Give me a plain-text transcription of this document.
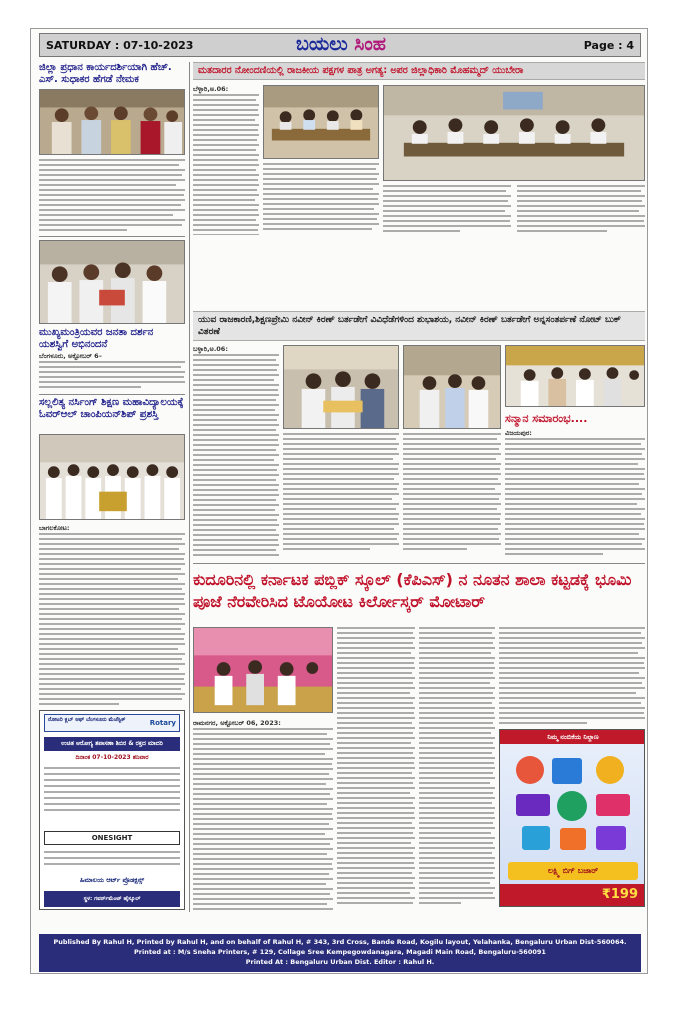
SATURDAY : 07-10-2023	ಬಯಲು ಸಿಂಹ	Page : 4
ಜಿಲ್ಲಾ ಪ್ರಧಾನ ಕಾರ್ಯದರ್ಶಿಯಾಗಿ ಹೆಚ್. ಎಸ್. ಸುಧಾಕರ ಹೆಗಡೆ ನೇಮಕ
ಮುಖ್ಯಮಂತ್ರಿಯವರ ಜನತಾ ದರ್ಶನ ಯಶಸ್ವಿಗೆ ಅಭಿನಂದನೆ
ಬೆಂಗಳೂರು, ಅಕ್ಟೋಬರ್ 6–
ಸಲ್ಲಲಿತ್ಯ ನರ್ಸಿಂಗ್ ಶಿಕ್ಷಣ ಮಹಾವಿದ್ಯಾಲಯಕ್ಕೆ ಓವರ್‌ಆಲ್ ಚಾಂಪಿಯನ್‌ಶಿಪ್ ಪ್ರಶಸ್ತಿ
ಬಾಗಲಕೋಟ:
ರೋಟರಿ ಕ್ಲಬ್ ಆಫ್ ಬೆಂಗಳೂರು ಮೆಜೆಸ್ಟಿಕ್	Rotary
ಉಚಿತ ಆರೋಗ್ಯ ತಪಾಸಣಾ ಶಿಬಿರ & ರಕ್ತದ ಮಾದರಿ
ದಿನಾಂಕ 07-10-2023 ಶನಿವಾರ
ONESIGHT
ಹಿಮಾಲಯ ಆರ್ಟ್‌ ಪ್ರೊಡಕ್ಷನ್ಸ್
ಸ್ಥಳ: ಗವರ್ನ್‌ಮೆಂಟ್ ಹೈಸ್ಕೂಲ್
ಮತದಾರರ ನೋಂದಣಿಯಲ್ಲಿ ರಾಜಕೀಯ ಪಕ್ಷಗಳ ಪಾತ್ರ ಅಗತ್ಯ: ಅಪರ ಜಿಲ್ಲಾಧಿಕಾರಿ ಮೊಹಮ್ಮದ್ ಯುಬೇರಾ
ಬೆಳ್ಳಾರಿ,ಅ.06:
ಯುವ ರಾಜಕಾರಣಿ,ಶಿಕ್ಷಣಪ್ರೇಮಿ ನವೀನ್ ಕಿರಣ್ ಬರ್ತಡೇಗೆ ವಿವಿಧೆಡೆಗಳಿಂದ ಶುಭಾಶಯ, ನವೀನ್ ಕಿರಣ್ ಬರ್ತಡೇಗೆ ಅನ್ನಸಂತರ್ಪಣೆ ನೋಟ್ ಬುಕ್ ವಿತರಣೆ
ಬಳ್ಳಾರಿ,ಅ.06:
ಸನ್ಮಾನ ಸಮಾರಂಭ....
ವಿಜಯಪುರ:
ಕುದೂರಿನಲ್ಲಿ ಕರ್ನಾಟಕ ಪಬ್ಲಿಕ್ ಸ್ಕೂಲ್ (ಕೆಪಿಎಸ್) ನ ನೂತನ ಶಾಲಾ ಕಟ್ಟಡಕ್ಕೆ ಭೂಮಿ ಪೂಜೆ ನೆರವೇರಿಸಿದ ಟೊಯೋಟ ಕಿರ್ಲೋಸ್ಕರ್ ಮೋಟಾರ್
ರಾಮನಗರ, ಅಕ್ಟೋಬರ್ 06, 2023:
ನಿಮ್ಮ ನಂಬಿಕೆಯ ನಿಲ್ದಾಣ
ಲಕ್ಷ್ಮಿ ಬಿಗ್ ಬಜಾರ್
₹199
Published By Rahul H, Printed by Rahul H, and on behalf of Rahul H, # 343, 3rd Cross, Bande Road, Kogilu layout, Yelahanka, Bengaluru Urban Dist-560064.
Printed at : M/s Sneha Printers, # 129, Collage Sree Kempegowdanagara, Magadi Main Road, Bengaluru-560091
Printed At : Bengaluru Urban Dist. Editor : Rahul H.
